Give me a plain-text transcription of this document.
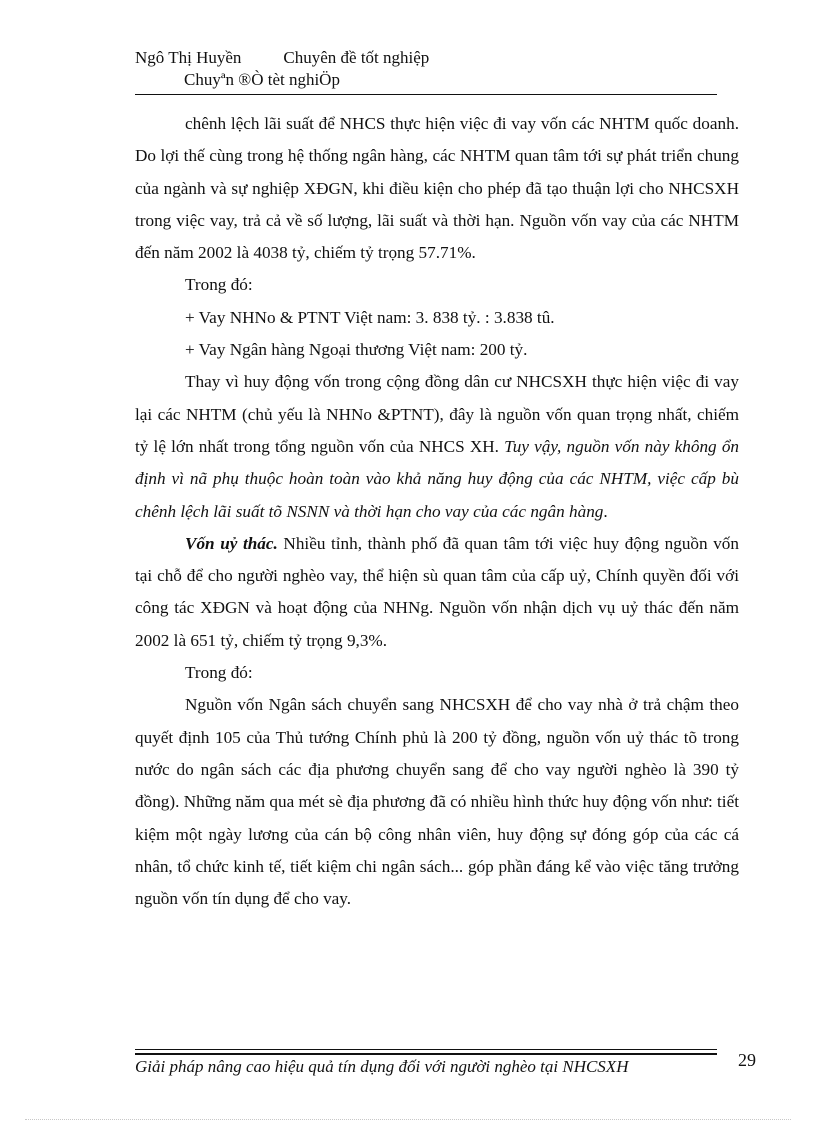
Ngô Thị Huyền Chuyên đề tốt nghiệp
Chuyªn ®Ò tèt nghiÖp

chênh lệch lãi suất để NHCS thực hiện việc đi vay vốn các NHTM quốc doanh. Do lợi thế cùng trong hệ thống ngân hàng, các NHTM quan tâm tới sự phát triển chung của ngành và sự nghiệp XĐGN, khi điều kiện cho phép đã tạo thuận lợi cho NHCSXH trong việc vay, trả cả về số lượng, lãi suất và thời hạn. Nguồn vốn vay của các NHTM đến năm 2002 là 4038 tỷ, chiếm tỷ trọng 57.71%.

Trong đó:

+ Vay NHNo & PTNT Việt nam: 3. 838 tỷ. : 3.838 tû.

+ Vay Ngân hàng Ngoại thương Việt nam: 200 tỷ.

Thay vì huy động vốn trong cộng đồng dân cư NHCSXH thực hiện việc đi vay lại các NHTM (chủ yếu là NHNo &PTNT), đây là nguồn vốn quan trọng nhất, chiếm tỷ lệ lớn nhất trong tổng nguồn vốn của NHCS XH. Tuy vậy, nguồn vốn này không ổn định vì nã phụ thuộc hoàn toàn vào khả năng huy động của các NHTM, việc cấp bù chênh lệch lãi suất tõ NSNN và thời hạn cho vay của các ngân hàng.

Vốn uỷ thác. Nhiều tỉnh, thành phố đã quan tâm tới việc huy động nguồn vốn tại chỗ để cho người nghèo vay, thể hiện sù quan tâm của cấp uỷ, Chính quyền đối với công tác XĐGN và hoạt động của NHNg. Nguồn vốn nhận dịch vụ uỷ thác đến năm 2002 là 651 tỷ, chiếm tỷ trọng 9,3%.

Trong đó:

Nguồn vốn Ngân sách chuyển sang NHCSXH để cho vay nhà ở trả chậm theo quyết định 105 của Thủ tướng Chính phủ là 200 tỷ đồng, nguồn vốn uỷ thác tõ trong nước do ngân sách các địa phương chuyển sang để cho vay người nghèo là 390 tỷ đồng). Những năm qua mét sè địa phương đã có nhiều hình thức huy động vốn như: tiết kiệm một ngày lương của cán bộ công nhân viên, huy động sự đóng góp của các cá nhân, tổ chức kinh tế, tiết kiệm chi ngân sách... góp phần đáng kể vào việc tăng trưởng nguồn vốn tín dụng để cho vay.

Giải pháp nâng cao hiệu quả tín dụng đối với người nghèo tại NHCSXH	29
